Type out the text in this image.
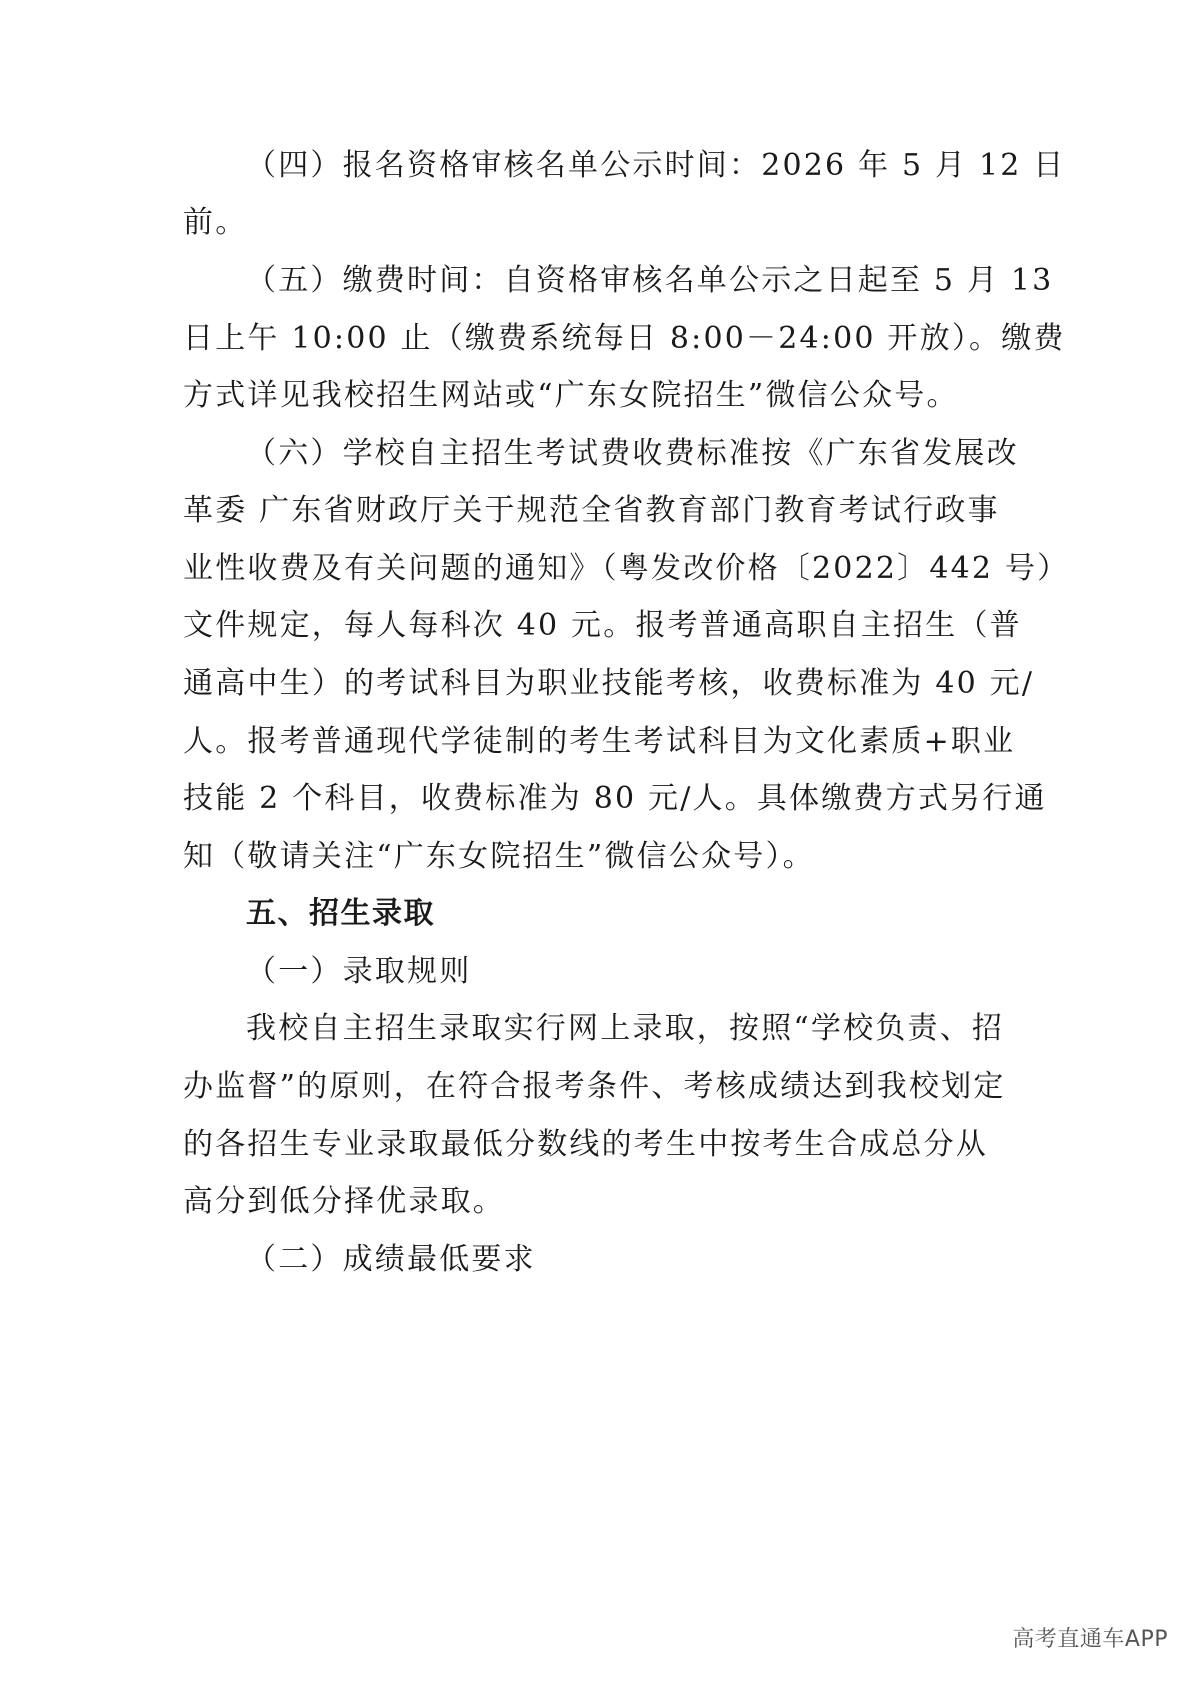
（四）报名资格审核名单公示时间：2026 年 5 月 12 日
前。
（五）缴费时间：自资格审核名单公示之日起至 5 月 13
日上午 10:00 止（缴费系统每日 8:00－24:00 开放）。缴费
方式详见我校招生网站或“广东女院招生”微信公众号。
（六）学校自主招生考试费收费标准按《广东省发展改
革委 广东省财政厅关于规范全省教育部门教育考试行政事
业性收费及有关问题的通知》（粤发改价格〔2022〕442 号）
文件规定，每人每科次 40 元。报考普通高职自主招生（普
通高中生）的考试科目为职业技能考核，收费标准为 40 元/
人。报考普通现代学徒制的考生考试科目为文化素质+职业
技能 2 个科目，收费标准为 80 元/人。具体缴费方式另行通
知（敬请关注“广东女院招生”微信公众号）。
五、招生录取
（一）录取规则
我校自主招生录取实行网上录取，按照“学校负责、招
办监督”的原则，在符合报考条件、考核成绩达到我校划定
的各招生专业录取最低分数线的考生中按考生合成总分从
高分到低分择优录取。
（二）成绩最低要求
高考直通车APP
